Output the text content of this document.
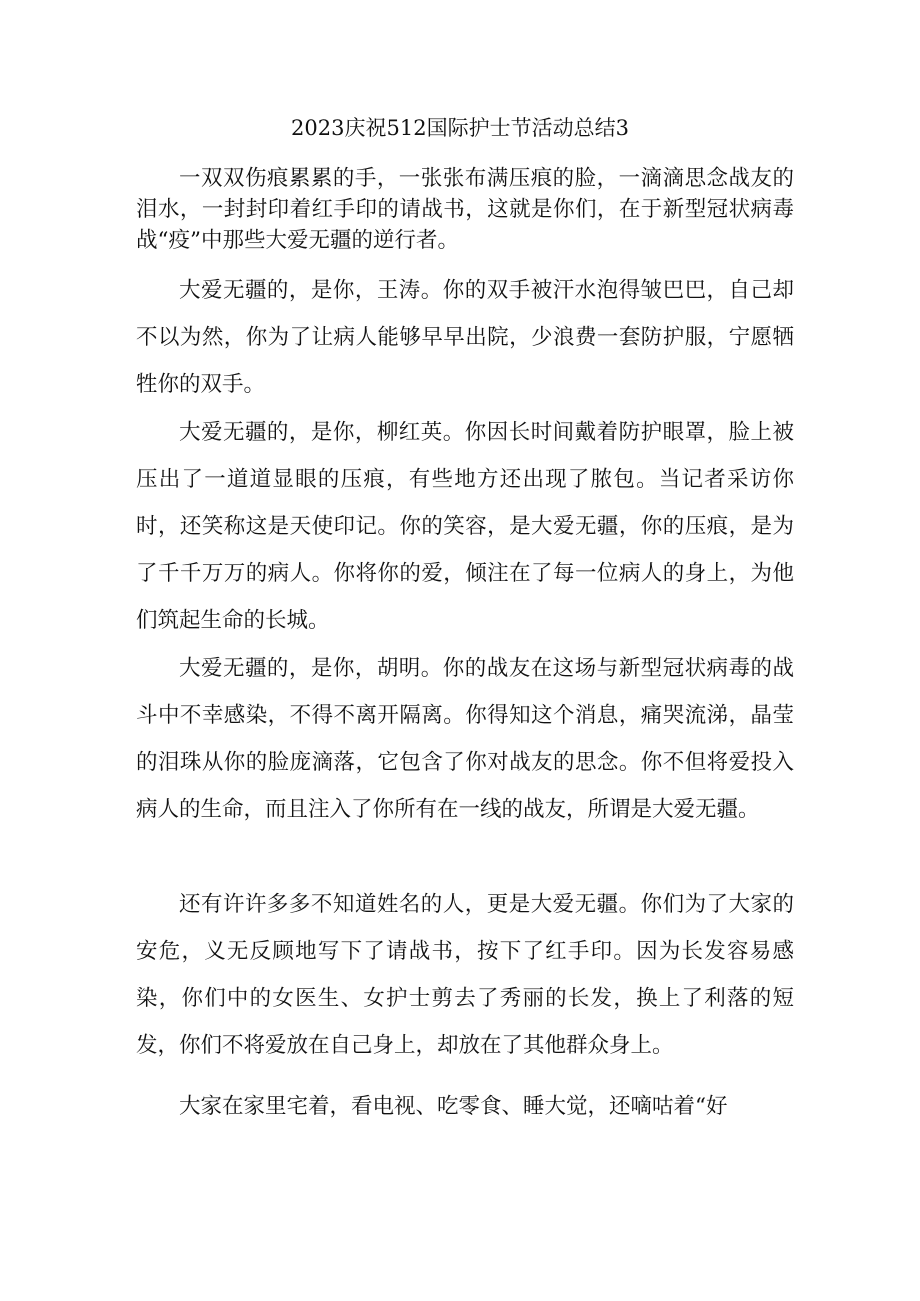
2023庆祝512国际护士节活动总结3

一双双伤痕累累的手，一张张布满压痕的脸，一滴滴思念战友的泪水，一封封印着红手印的请战书，这就是你们，在于新型冠状病毒战“疫”中那些大爱无疆的逆行者。

大爱无疆的，是你，王涛。你的双手被汗水泡得皱巴巴，自己却不以为然，你为了让病人能够早早出院，少浪费一套防护服，宁愿牺牲你的双手。

大爱无疆的，是你，柳红英。你因长时间戴着防护眼罩，脸上被压出了一道道显眼的压痕，有些地方还出现了脓包。当记者采访你时，还笑称这是天使印记。你的笑容，是大爱无疆，你的压痕，是为了千千万万的病人。你将你的爱，倾注在了每一位病人的身上，为他们筑起生命的长城。

大爱无疆的，是你，胡明。你的战友在这场与新型冠状病毒的战斗中不幸感染，不得不离开隔离。你得知这个消息，痛哭流涕，晶莹的泪珠从你的脸庞滴落，它包含了你对战友的思念。你不但将爱投入病人的生命，而且注入了你所有在一线的战友，所谓是大爱无疆。

还有许许多多不知道姓名的人，更是大爱无疆。你们为了大家的安危，义无反顾地写下了请战书，按下了红手印。因为长发容易感染，你们中的女医生、女护士剪去了秀丽的长发，换上了利落的短发，你们不将爱放在自己身上，却放在了其他群众身上。

大家在家里宅着，看电视、吃零食、睡大觉，还嘀咕着“好
